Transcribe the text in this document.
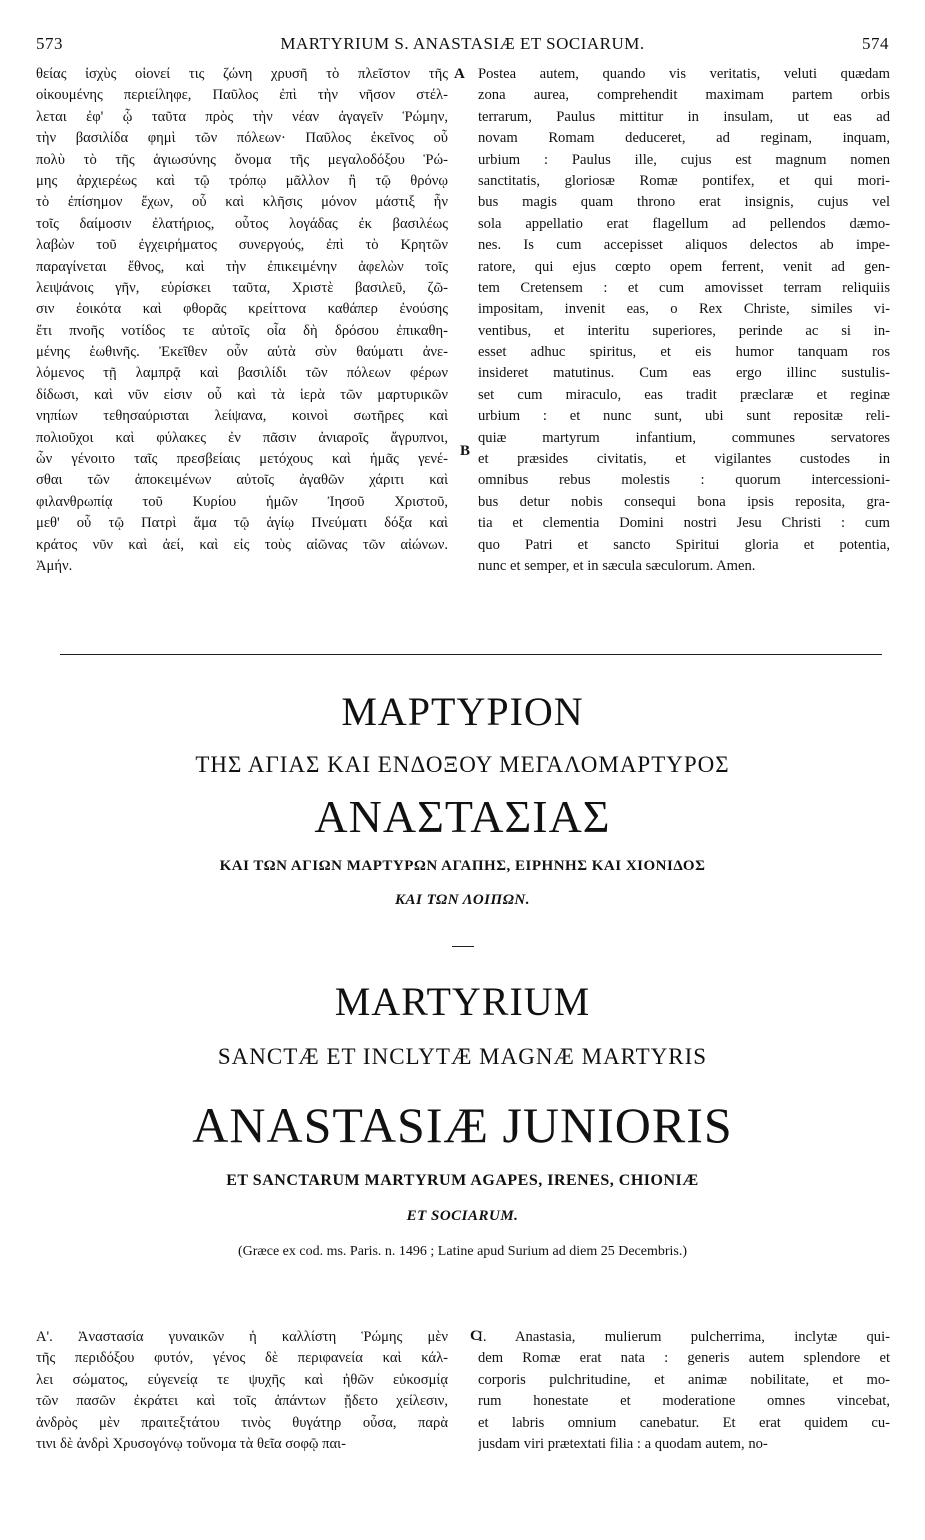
573	MARTYRIUM S. ANASTASIÆ ET SOCIARUM.	574
θείας ἰσχὺς οἱονεί τις ζώνη χρυσῆ τὸ πλεῖστον τῆς
οἰκουμένης περιείληφε, Παῦλος ἐπὶ τὴν νῆσον στέλ-
λεται ἐφ' ᾧ ταῦτα πρὸς τὴν νέαν ἀγαγεῖν Ῥώμην,
τὴν βασιλίδα φημὶ τῶν πόλεων· Παῦλος ἐκεῖνος οὗ
πολὺ τὸ τῆς ἁγιωσύνης ὄνομα τῆς μεγαλοδόξου Ῥώ-
μης ἀρχιερέως καὶ τῷ τρόπῳ μᾶλλον ἢ τῷ θρόνῳ
τὸ ἐπίσημον ἔχων, οὗ καὶ κλῆσις μόνον μάστιξ ἦν
τοῖς δαίμοσιν ἐλατήριος, οὗτος λογάδας ἐκ βασιλέως
λαβὼν τοῦ ἐγχειρήματος συνεργούς, ἐπὶ τὸ Κρητῶν
παραγίνεται ἔθνος, καὶ τὴν ἐπικειμένην ἀφελὼν τοῖς
λειψάνοις γῆν, εὑρίσκει ταῦτα, Χριστὲ βασιλεῦ, ζῶ-
σιν ἐοικότα καὶ φθορᾶς κρείττονα καθάπερ ἐνούσης
ἔτι πνοῆς νοτίδος τε αὐτοῖς οἷα δὴ δρόσου ἐπικαθη-
μένης ἑωθινῆς. Ἐκεῖθεν οὖν αὐτὰ σὺν θαύματι ἀνε-
λόμενος τῇ λαμπρᾷ καὶ βασιλίδι τῶν πόλεων φέρων
δίδωσι, καὶ νῦν εἰσιν οὗ καὶ τὰ ἱερὰ τῶν μαρτυρικῶν
νηπίων τεθησαύρισται λείψανα, κοινοὶ σωτῆρες καὶ
πολιοῦχοι καὶ φύλακες ἐν πᾶσιν ἀνιαροῖς ἄγρυπνοι,
ὧν γένοιτο ταῖς πρεσβείαις μετόχους καὶ ἡμᾶς γενέ-
σθαι τῶν ἀποκειμένων αὐτοῖς ἀγαθῶν χάριτι καὶ
φιλανθρωπίᾳ τοῦ Κυρίου ἡμῶν Ἰησοῦ Χριστοῦ,
μεθ' οὗ τῷ Πατρὶ ἅμα τῷ ἁγίῳ Πνεύματι δόξα καὶ
κράτος νῦν καὶ ἀεί, καὶ εἰς τοὺς αἰῶνας τῶν αἰώνων.
Ἀμήν.
Postea autem, quando vis veritatis, veluti quædam
zona aurea, comprehendit maximam partem orbis
terrarum, Paulus mittitur in insulam, ut eas ad
novam Romam deduceret, ad reginam, inquam,
urbium : Paulus ille, cujus est magnum nomen
sanctitatis, gloriosæ Romæ pontifex, et qui mori-
bus magis quam throno erat insignis, cujus vel
sola appellatio erat flagellum ad pellendos dæmo-
nes. Is cum accepisset aliquos delectos ab impe-
ratore, qui ejus cœpto opem ferrent, venit ad gen-
tem Cretensem : et cum amovisset terram reliquiis
impositam, invenit eas, o Rex Christe, similes vi-
ventibus, et interitu superiores, perinde ac si in-
esset adhuc spiritus, et eis humor tanquam ros
insideret matutinus. Cum eas ergo illinc sustulis-
set cum miraculo, eas tradit præclaræ et reginæ
urbium : et nunc sunt, ubi sunt repositæ reli-
quiæ martyrum infantium, communes servatores
et præsides civitatis, et vigilantes custodes in
omnibus rebus molestis : quorum intercessioni-
bus detur nobis consequi bona ipsis reposita, gra-
tia et clementia Domini nostri Jesu Christi : cum
quo Patri et sancto Spiritui gloria et potentia,
nunc et semper, et in sæcula sæculorum. Amen.
A
B
ΜΑΡΤΥΡΙΟΝ
ΤΗΣ ΑΓΙΑΣ ΚΑΙ ΕΝΔΟΞΟΥ ΜΕΓΑΛΟΜΑΡΤΥΡΟΣ
ΑΝΑΣΤΑΣΙΑΣ
ΚΑΙ ΤΩΝ ΑΓΙΩΝ ΜΑΡΤΥΡΩΝ ΑΓΑΠΗΣ, ΕΙΡΗΝΗΣ ΚΑΙ ΧΙΟΝΙΔΟΣ
ΚΑΙ ΤΩΝ ΛΟΙΠΩΝ.
MARTYRIUM
SANCTÆ ET INCLYTÆ MAGNÆ MARTYRIS
ANASTASIÆ JUNIORIS
ET SANCTARUM MARTYRUM AGAPES, IRENES, CHIONIÆ
ET SOCIARUM.
(Græce ex cod. ms. Paris. n. 1496 ; Latine apud Surium ad diem 25 Decembris.)
Α'. Ἀναστασία γυναικῶν ἡ καλλίστη Ῥώμης μὲν
τῆς περιδόξου φυτόν, γένος δὲ περιφανεία καὶ κάλ-
λει σώματος, εὐγενείᾳ τε ψυχῆς καὶ ἠθῶν εὐκοσμίᾳ
τῶν πασῶν ἐκράτει καὶ τοῖς ἁπάντων ᾔδετο χείλεσιν,
ἀνδρὸς μὲν πραιτεξτάτου τινὸς θυγάτηρ οὖσα, παρὰ
τινι δὲ ἀνδρὶ Χρυσογόνῳ τοὔνομα τὰ θεῖα σοφῷ παι-
I. Anastasia, mulierum pulcherrima, inclytæ qui-
dem Romæ erat nata : generis autem splendore et
corporis pulchritudine, et animæ nobilitate, et mo-
rum honestate et moderatione omnes vincebat,
et labris omnium canebatur. Et erat quidem cu-
jusdam viri prætextati filia : a quodam autem, no-
C
